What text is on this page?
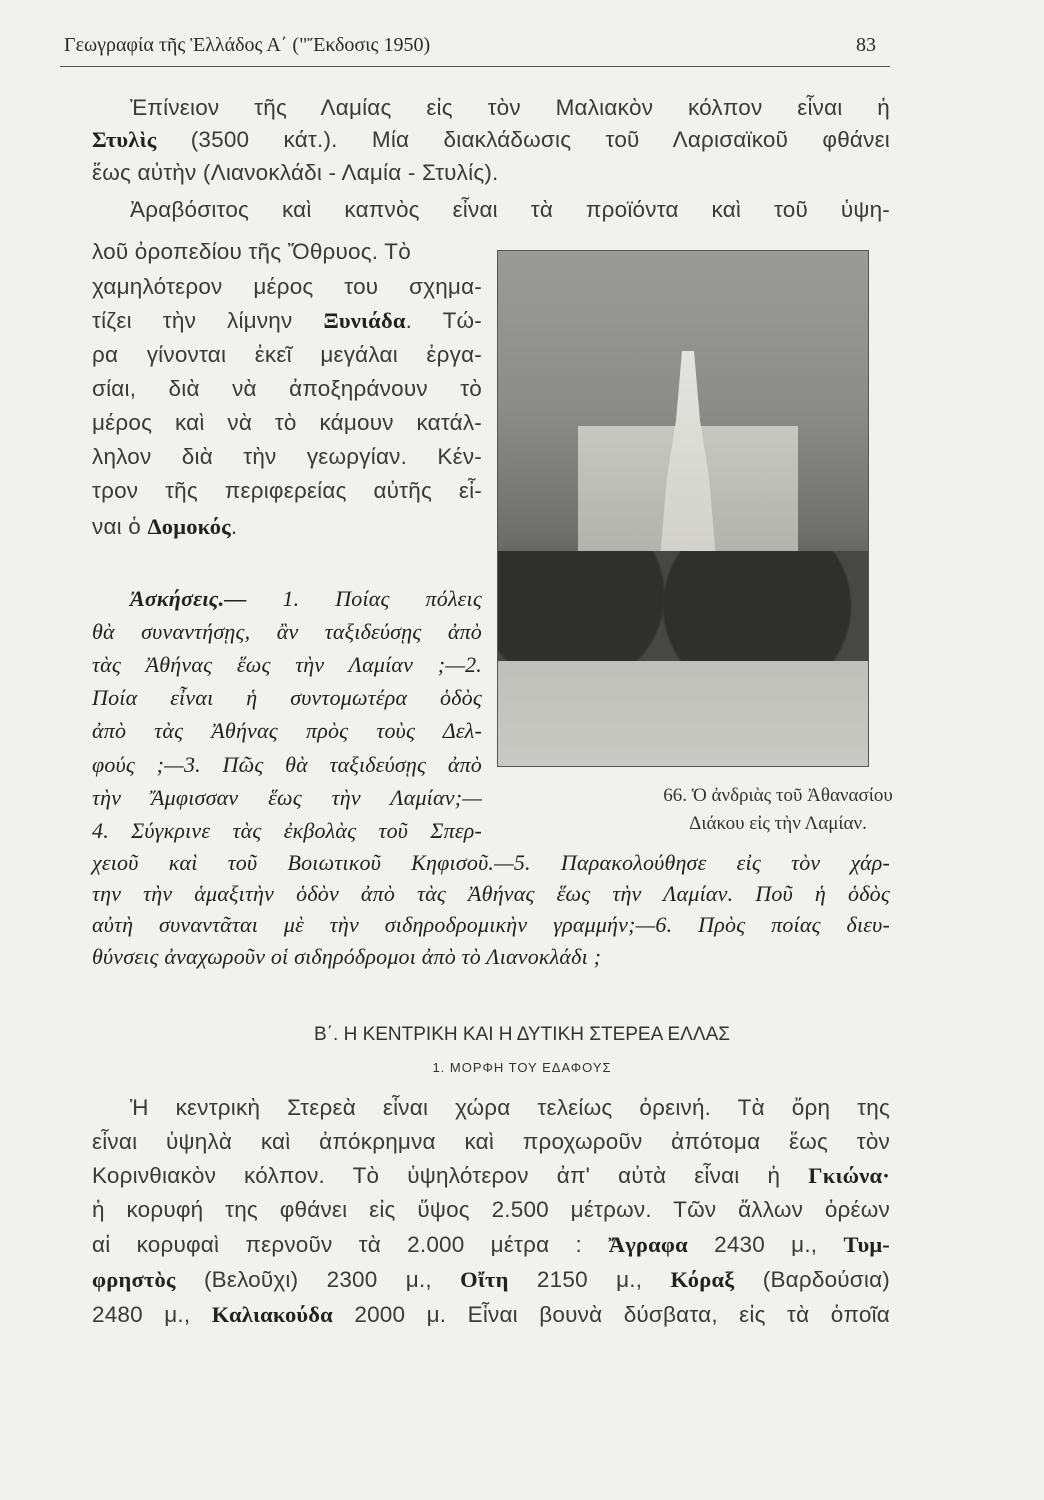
Γεωγραφία τῆς Ἑλλάδος Α΄ ("Ἔκδοσις 1950)	83
Ἐπίνειον τῆς Λαμίας εἰς τὸν Μαλιακὸν κόλπον εἶναι ἡ
Στυλὶς (3500 κάτ.). Μία διακλάδωσις τοῦ Λαρισαϊκοῦ φθάνει
ἕως αὐτὴν (Λιανοκλάδι - Λαμία - Στυλίς).
Ἀραβόσιτος καὶ καπνὸς εἶναι τὰ προϊόντα καὶ τοῦ ὑψη-
λοῦ ὀροπεδίου τῆς Ὄθρυος. Τὸ
χαμηλότερον μέρος του σχημα-
τίζει τὴν λίμνην Ξυνιάδα. Τώ-
ρα γίνονται ἐκεῖ μεγάλαι ἐργα-
σίαι, διὰ νὰ ἀποξηράνουν τὸ
μέρος καὶ νὰ τὸ κάμουν κατάλ-
ληλον διὰ τὴν γεωργίαν. Κέν-
τρον τῆς περιφερείας αὐτῆς εἶ-
ναι ὁ Δομοκός.
Ἀσκήσεις.— 1. Ποίας πόλεις
θὰ συναντήσῃς, ἂν ταξιδεύσῃς ἀπὸ
τὰς Ἀθήνας ἕως τὴν Λαμίαν ;—2.
Ποία εἶναι ἡ συντομωτέρα ὁδὸς
ἀπὸ τὰς Ἀθήνας πρὸς τοὺς Δελ-
φούς ;—3. Πῶς θὰ ταξιδεύσῃς ἀπὸ
τὴν Ἄμφισσαν ἕως τὴν Λαμίαν;—
4. Σύγκρινε τὰς ἐκβολὰς τοῦ Σπερ-
χειοῦ καὶ τοῦ Βοιωτικοῦ Κηφισοῦ.—5. Παρακολούθησε εἰς τὸν χάρ-
την τὴν ἁμαξιτὴν ὁδὸν ἀπὸ τὰς Ἀθήνας ἕως τὴν Λαμίαν. Ποῦ ἡ ὁδὸς
αὐτὴ συναντᾶται μὲ τὴν σιδηροδρομικὴν γραμμήν;—6. Πρὸς ποίας διευ-
θύνσεις ἀναχωροῦν οἱ σιδηρόδρομοι ἀπὸ τὸ Λιανοκλάδι ;
Ἡ κεντρικὴ Στερεὰ εἶναι χώρα τελείως ὀρεινή. Τὰ ὄρη της
εἶναι ὑψηλὰ καὶ ἀπόκρημνα καὶ προχωροῦν ἀπότομα ἕως τὸν
Κορινθιακὸν κόλπον. Τὸ ὑψηλότερον ἀπ' αὐτὰ εἶναι ἡ Γκιώνα·
ἡ κορυφή της φθάνει εἰς ὕψος 2.500 μέτρων. Τῶν ἄλλων ὀρέων
αἱ κορυφαὶ περνοῦν τὰ 2.000 μέτρα : Ἄγραφα 2430 μ., Τυμ-
φρηστὸς (Βελοῦχι) 2300 μ., Οἴτη 2150 μ., Κόραξ (Βαρδούσια)
2480 μ., Καλιακούδα 2000 μ. Εἶναι βουνὰ δύσβατα, εἰς τὰ ὁποῖα
66. Ὁ ἀνδριὰς τοῦ Ἀθανασίου
Διάκου εἰς τὴν Λαμίαν.
Β΄. Η ΚΕΝΤΡΙΚΗ ΚΑΙ Η ΔΥΤΙΚΗ ΣΤΕΡΕΑ ΕΛΛΑΣ
1. ΜΟΡΦΗ ΤΟΥ ΕΔΑΦΟΥΣ
